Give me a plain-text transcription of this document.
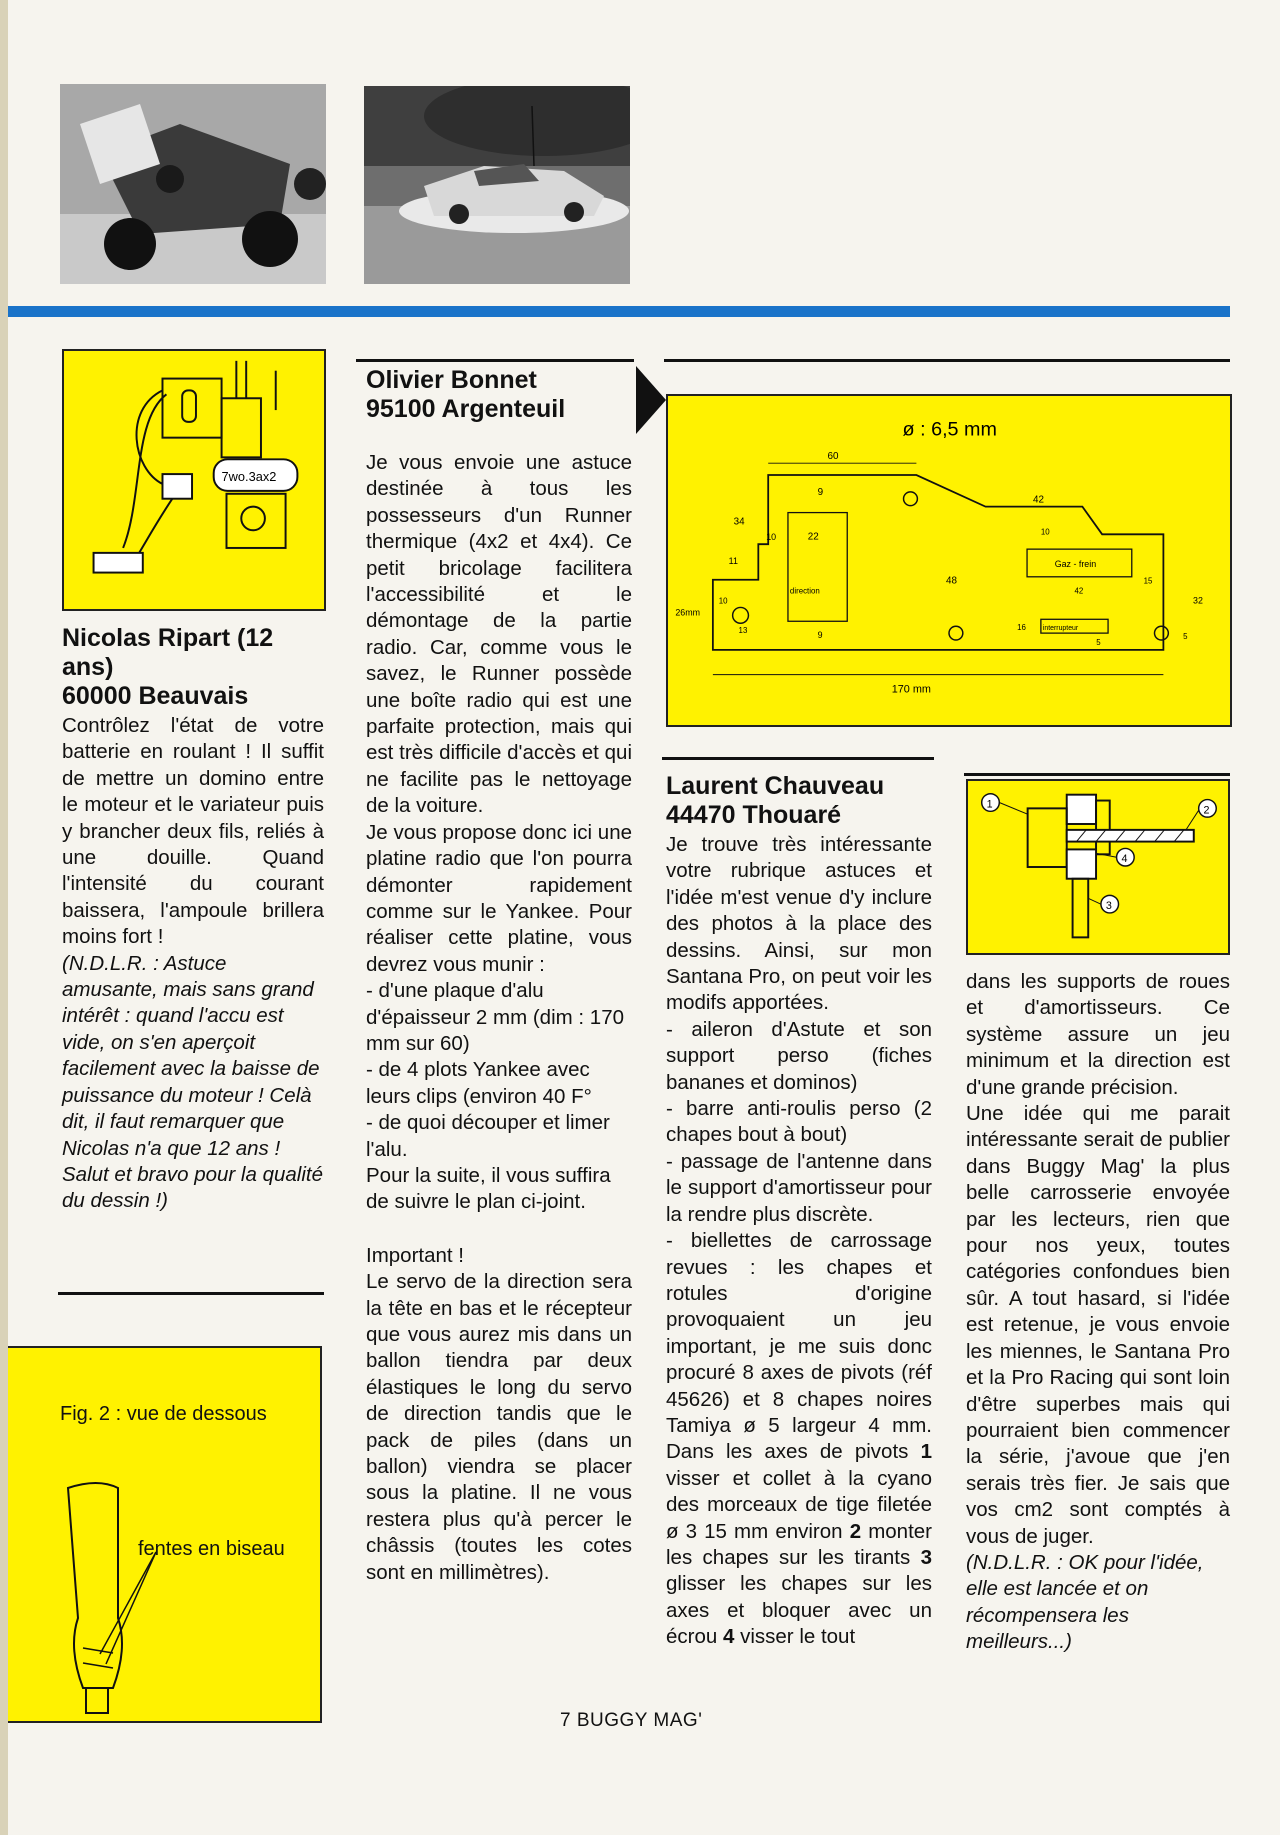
7wo.3ax2

Nicolas Ripart (12 ans)

60000 Beauvais

Contrôlez l'état de votre batterie en roulant ! Il suffit de mettre un domino entre le moteur et le variateur puis y brancher deux fils, reliés à une douille. Quand l'intensité du courant baissera, l'ampoule brillera moins fort !

(N.D.L.R. : Astuce amusante, mais sans grand intérêt : quand l'accu est vide, on s'en aperçoit facilement avec la baisse de puissance du moteur ! Celà dit, il faut remarquer que Nicolas n'a que 12 ans ! Salut et bravo pour la qualité du dessin !)

Fig. 2 : vue de dessous
fentes en biseau

Olivier Bonnet

95100 Argenteuil

Je vous envoie une astuce destinée à tous les possesseurs d'un Runner thermique (4x2 et 4x4). Ce petit bricolage facilitera l'accessibilité et le démontage de la partie radio. Car, comme vous le savez, le Runner possède une boîte radio qui est une parfaite protection, mais qui est très difficile d'accès et qui ne facilite pas le nettoyage de la voiture.

Je vous propose donc ici une platine radio que l'on pourra démonter rapidement comme sur le Yankee. Pour réaliser cette platine, vous devrez vous munir :

- d'une plaque d'alu d'épaisseur 2 mm (dim : 170 mm sur 60)

- de 4 plots Yankee avec leurs clips (environ 40 F°

- de quoi découper et limer l'alu.

Pour la suite, il vous suffira de suivre le plan ci-joint.

Important !

Le servo de la direction sera la tête en bas et le récepteur que vous aurez mis dans un ballon tiendra par deux élastiques le long du servo de direction tandis que le pack de piles (dans un ballon) viendra se placer sous la platine. Il ne vous restera plus qu'à percer le châssis (toutes les cotes sont en millimètres).

ø : 6,5 mm
170 mm
60
direction
22
9
34
10
11
26mm
10
13	9
48
Gaz - frein
42
42
10
15
32
interrupteur
16
5
5

Laurent Chauveau

44470 Thouaré

Je trouve très intéressante votre rubrique astuces et l'idée m'est venue d'y inclure des photos à la place des dessins. Ainsi, sur mon Santana Pro, on peut voir les modifs apportées.

- aileron d'Astute et son support perso (fiches bananes et dominos)

- barre anti-roulis perso (2 chapes bout à bout)

- passage de l'antenne dans le support d'amortisseur pour la rendre plus discrète.

- biellettes de carrossage revues : les chapes et rotules d'origine provoquaient un jeu important, je me suis donc procuré 8 axes de pivots (réf 45626) et 8 chapes noires Tamiya ø 5 largeur 4 mm. Dans les axes de pivots 1 visser et collet à la cyano des morceaux de tige filetée ø 3 15 mm environ 2 monter les chapes sur les tirants 3 glisser les chapes sur les axes et bloquer avec un écrou 4 visser le tout

1	2
3
4

dans les supports de roues et d'amortisseurs. Ce système assure un jeu minimum et la direction est d'une grande précision.

Une idée qui me parait intéressante serait de publier dans Buggy Mag' la plus belle carrosserie envoyée par les lecteurs, rien que pour nos yeux, toutes catégories confondues bien sûr. A tout hasard, si l'idée est retenue, je vous envoie les miennes, le Santana Pro et la Pro Racing qui sont loin d'être superbes mais qui pourraient bien commencer la série, j'avoue que j'en serais très fier. Je sais que vos cm2 sont comptés à vous de juger.

(N.D.L.R. : OK pour l'idée, elle est lancée et on récompensera les meilleurs...)

7 BUGGY MAG'
